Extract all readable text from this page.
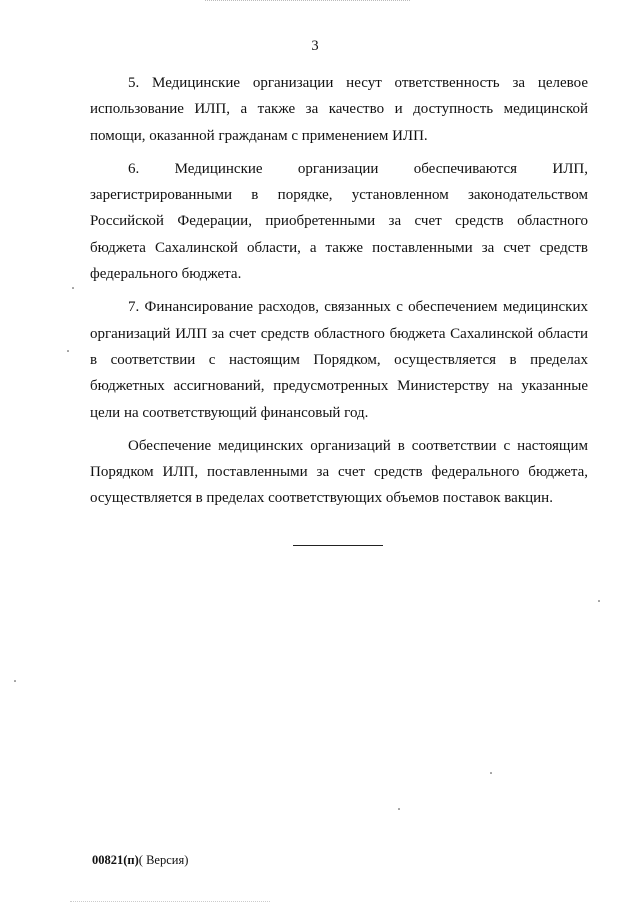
3

5. Медицинские организации несут ответственность за целевое использование ИЛП, а также за качество и доступность медицинской помощи, оказанной гражданам с применением ИЛП.

6. Медицинские организации обеспечиваются ИЛП, зарегистрированными в порядке, установленном законодательством Российской Федерации, приобретенными за счет средств областного бюджета Сахалинской области, а также поставленными за счет средств федерального бюджета.

7. Финансирование расходов, связанных с обеспечением медицинских организаций ИЛП за счет средств областного бюджета Сахалинской области в соответствии с настоящим Порядком, осуществляется в пределах бюджетных ассигнований, предусмотренных Министерству на указанные цели на соответствующий финансовый год.

Обеспечение медицинских организаций в соответствии с настоящим Порядком ИЛП, поставленными за счет средств федерального бюджета, осуществляется в пределах соответствующих объемов поставок вакцин.

00821(п)( Версия)
